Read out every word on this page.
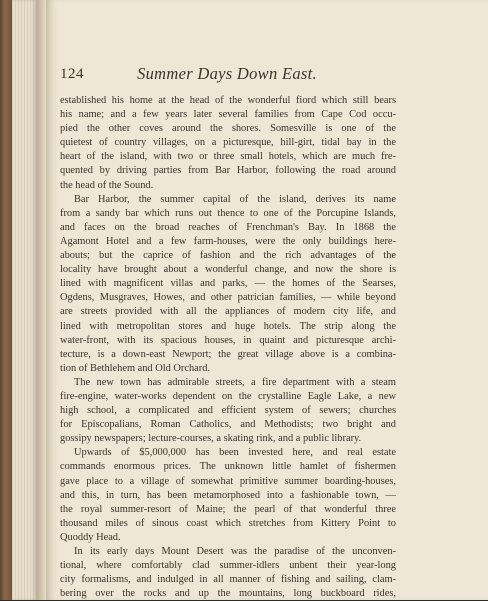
124	Summer Days Down East.
established his home at the head of the wonderful fiord which still bears
his name; and a few years later several families from Cape Cod occu-
pied the other coves around the shores. Somesville is one of the
quietest of country villages, on a picturesque, hill-girt, tidal bay in the
heart of the island, with two or three small hotels, which are much fre-
quented by driving parties from Bar Harbor, following the road around
the head of the Sound.
Bar Harbor, the summer capital of the island, derives its name
from a sandy bar which runs out thence to one of the Porcupine Islands,
and faces on the broad reaches of Frenchman's Bay. In 1868 the
Agamont Hotel and a few farm-houses, were the only buildings here-
abouts; but the caprice of fashion and the rich advantages of the
locality have brought about a wonderful change, and now the shore is
lined with magnificent villas and parks, — the homes of the Searses,
Ogdens, Musgraves, Howes, and other patrician families, — while beyond
are streets provided with all the appliances of modern city life, and
lined with metropolitan stores and huge hotels. The strip along the
water-front, with its spacious houses, in quaint and picturesque archi-
tecture, is a down-east Newport; the great village above is a combina-
tion of Bethlehem and Old Orchard.
The new town has admirable streets, a fire department with a steam
fire-engine, water-works dependent on the crystalline Eagle Lake, a new
high school, a complicated and efficient system of sewers; churches
for Episcopalians, Roman Catholics, and Methodists; two bright and
gossipy newspapers; lecture-courses, a skating rink, and a public library.
Upwards of $5,000,000 has been invested here, and real estate
commands enormous prices. The unknown little hamlet of fishermen
gave place to a village of somewhat primitive summer boarding-houses,
and this, in turn, has been metamorphosed into a fashionable town, —
the royal summer-resort of Maine; the pearl of that wonderful three
thousand miles of sinous coast which stretches from Kittery Point to
Quoddy Head.
In its early days Mount Desert was the paradise of the unconven-
tional, where comfortably clad summer-idlers unbent their year-long
city formalisms, and indulged in all manner of fishing and sailing, clam-
bering over the rocks and up the mountains, long buckboard rides,
